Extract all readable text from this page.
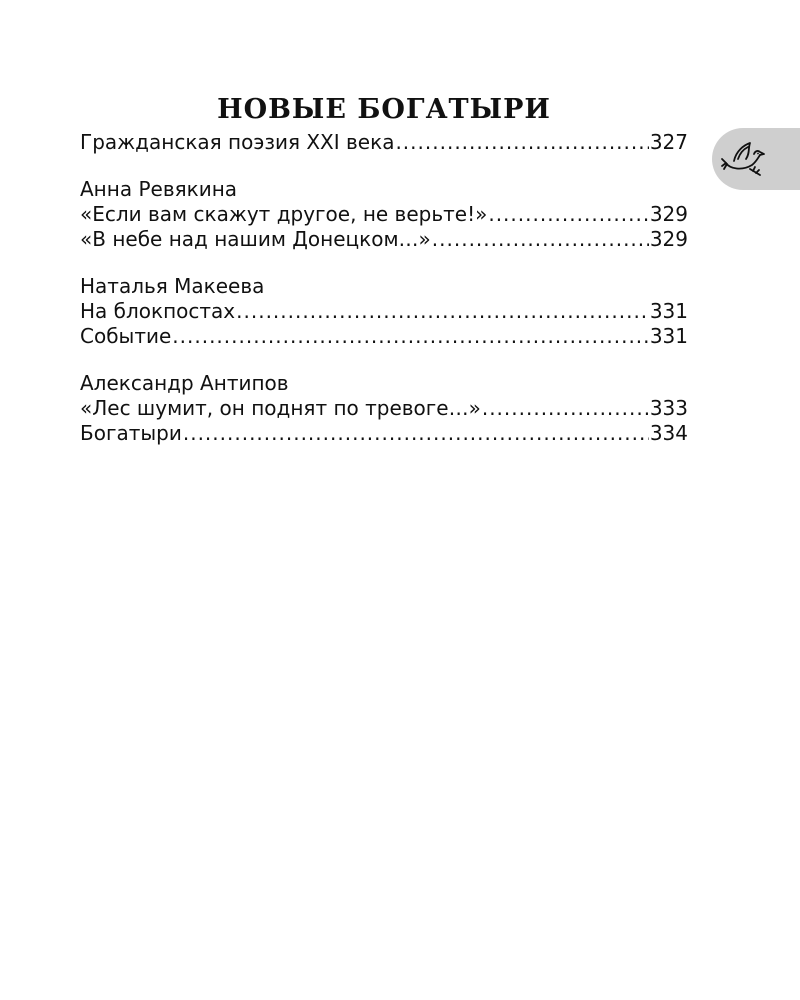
НОВЫЕ БОГАТЫРИ
Гражданская поэзия XXI века .....	327
Анна Ревякина
«Если вам скажут другое, не верьте!» .....	329
«В небе над нашим Донецком…» .....	329
Наталья Макеева
На блокпостах .....	331
Событие .....	331
Александр Антипов
«Лес шумит, он поднят по тревоге…» .....	333
Богатыри .....	334
